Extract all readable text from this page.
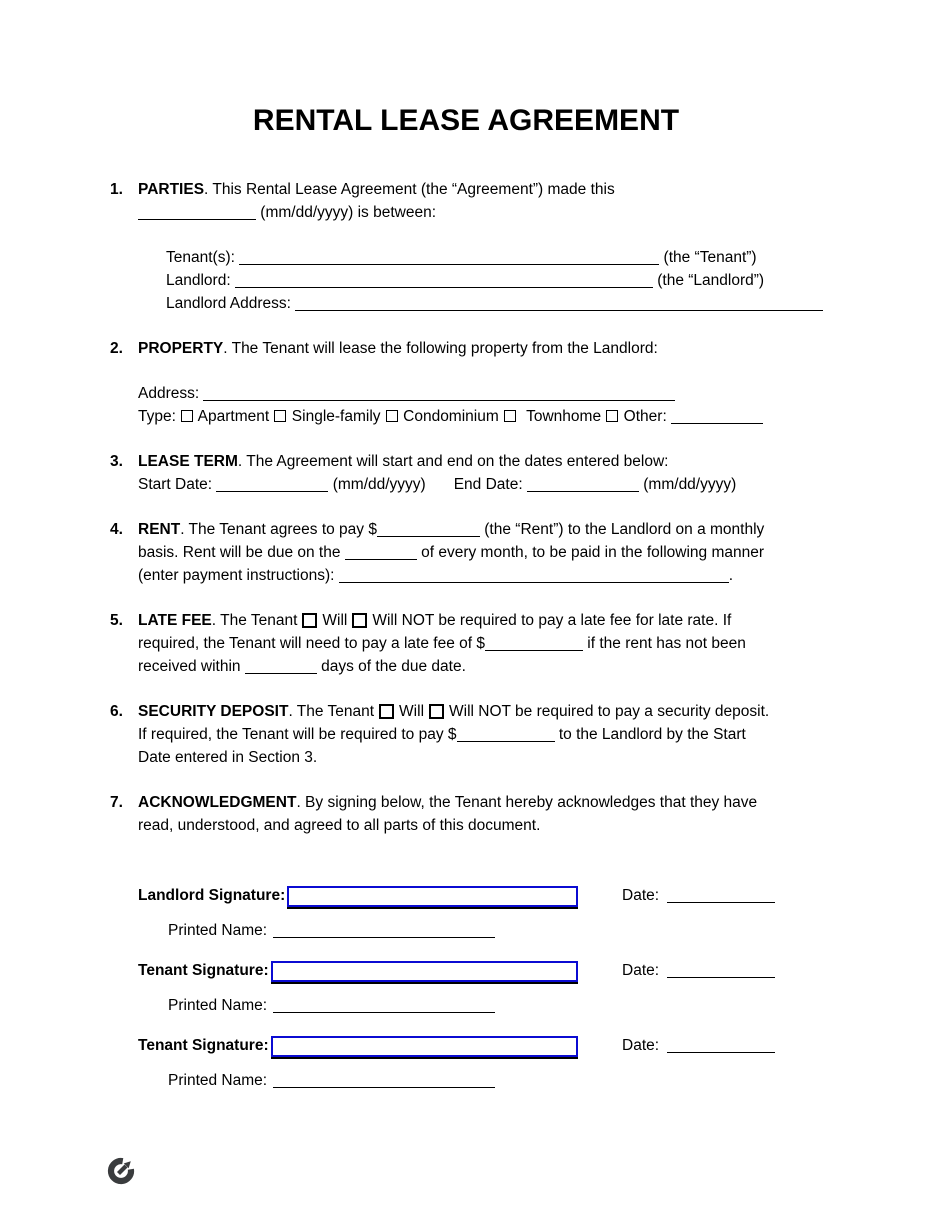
RENTAL LEASE AGREEMENT
1. PARTIES. This Rental Lease Agreement (the “Agreement”) made this
(mm/dd/yyyy) is between:
Tenant(s):	(the “Tenant”)
Landlord:	(the “Landlord”)
Landlord Address:
2. PROPERTY. The Tenant will lease the following property from the Landlord:
Address:
Type:  Apartment  Single-family  Condominium  Townhome  Other:
3. LEASE TERM. The Agreement will start and end on the dates entered below:
Start Date:	(mm/dd/yyyy) End Date:	(mm/dd/yyyy)
4. RENT. The Tenant agrees to pay $	(the “Rent”) to the Landlord on a monthly
basis. Rent will be due on the	of every month, to be paid in the following manner
(enter payment instructions):	.
5. LATE FEE. The Tenant Will Will NOT be required to pay a late fee for late rate. If
required, the Tenant will need to pay a late fee of $	if the rent has not been
received within	days of the due date.
6. SECURITY DEPOSIT. The Tenant Will Will NOT be required to pay a security deposit.
If required, the Tenant will be required to pay $	to the Landlord by the Start
Date entered in Section 3.
7. ACKNOWLEDGMENT. By signing below, the Tenant hereby acknowledges that they have
read, understood, and agreed to all parts of this document.
Landlord Signature:	Date:
Printed Name:
Tenant Signature:	Date:
Printed Name:
Tenant Signature:	Date:
Printed Name:
